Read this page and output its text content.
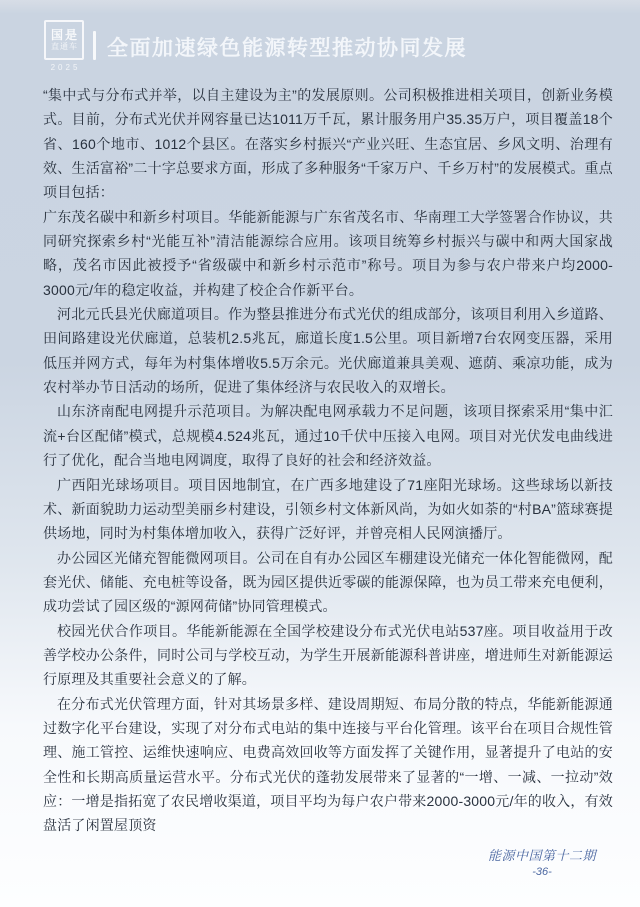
国是
直通车
2025
全面加速绿色能源转型推动协同发展

“集中式与分布式并举，以自主建设为主”的发展原则。公司积极推进相关项目，创新业务模式。目前，分布式光伏并网容量已达1011万千瓦，累计服务用户35.35万户，项目覆盖18个省、160个地市、1012个县区。在落实乡村振兴“产业兴旺、生态宜居、乡风文明、治理有效、生活富裕”二十字总要求方面，形成了多种服务“千家万户、千乡万村”的发展模式。重点项目包括：

广东茂名碳中和新乡村项目。华能新能源与广东省茂名市、华南理工大学签署合作协议，共同研究探索乡村“光能互补”清洁能源综合应用。该项目统筹乡村振兴与碳中和两大国家战略，茂名市因此被授予“省级碳中和新乡村示范市”称号。项目为参与农户带来户均2000-3000元/年的稳定收益，并构建了校企合作新平台。

河北元氏县光伏廊道项目。作为整县推进分布式光伏的组成部分，该项目利用入乡道路、田间路建设光伏廊道，总装机2.5兆瓦，廊道长度1.5公里。项目新增7台农网变压器，采用低压并网方式，每年为村集体增收5.5万余元。光伏廊道兼具美观、遮荫、乘凉功能，成为农村举办节日活动的场所，促进了集体经济与农民收入的双增长。

山东济南配电网提升示范项目。为解决配电网承载力不足问题，该项目探索采用“集中汇流+台区配储”模式，总规模4.524兆瓦，通过10千伏中压接入电网。项目对光伏发电曲线进行了优化，配合当地电网调度，取得了良好的社会和经济效益。

广西阳光球场项目。项目因地制宜，在广西多地建设了71座阳光球场。这些球场以新技术、新面貌助力运动型美丽乡村建设，引领乡村文体新风尚，为如火如荼的“村BA”篮球赛提供场地，同时为村集体增加收入，获得广泛好评，并曾亮相人民网演播厅。

办公园区光储充智能微网项目。公司在自有办公园区车棚建设光储充一体化智能微网，配套光伏、储能、充电桩等设备，既为园区提供近零碳的能源保障，也为员工带来充电便利，成功尝试了园区级的“源网荷储”协同管理模式。

校园光伏合作项目。华能新能源在全国学校建设分布式光伏电站537座。项目收益用于改善学校办公条件，同时公司与学校互动，为学生开展新能源科普讲座，增进师生对新能源运行原理及其重要社会意义的了解。

在分布式光伏管理方面，针对其场景多样、建设周期短、布局分散的特点，华能新能源通过数字化平台建设，实现了对分布式电站的集中连接与平台化管理。该平台在项目合规性管理、施工管控、运维快速响应、电费高效回收等方面发挥了关键作用，显著提升了电站的安全性和长期高质量运营水平。分布式光伏的蓬勃发展带来了显著的“一增、一减、一拉动”效应：一增是指拓宽了农民增收渠道，项目平均为每户农户带来2000-3000元/年的收入，有效盘活了闲置屋顶资

能源中国第十二期
-36-
